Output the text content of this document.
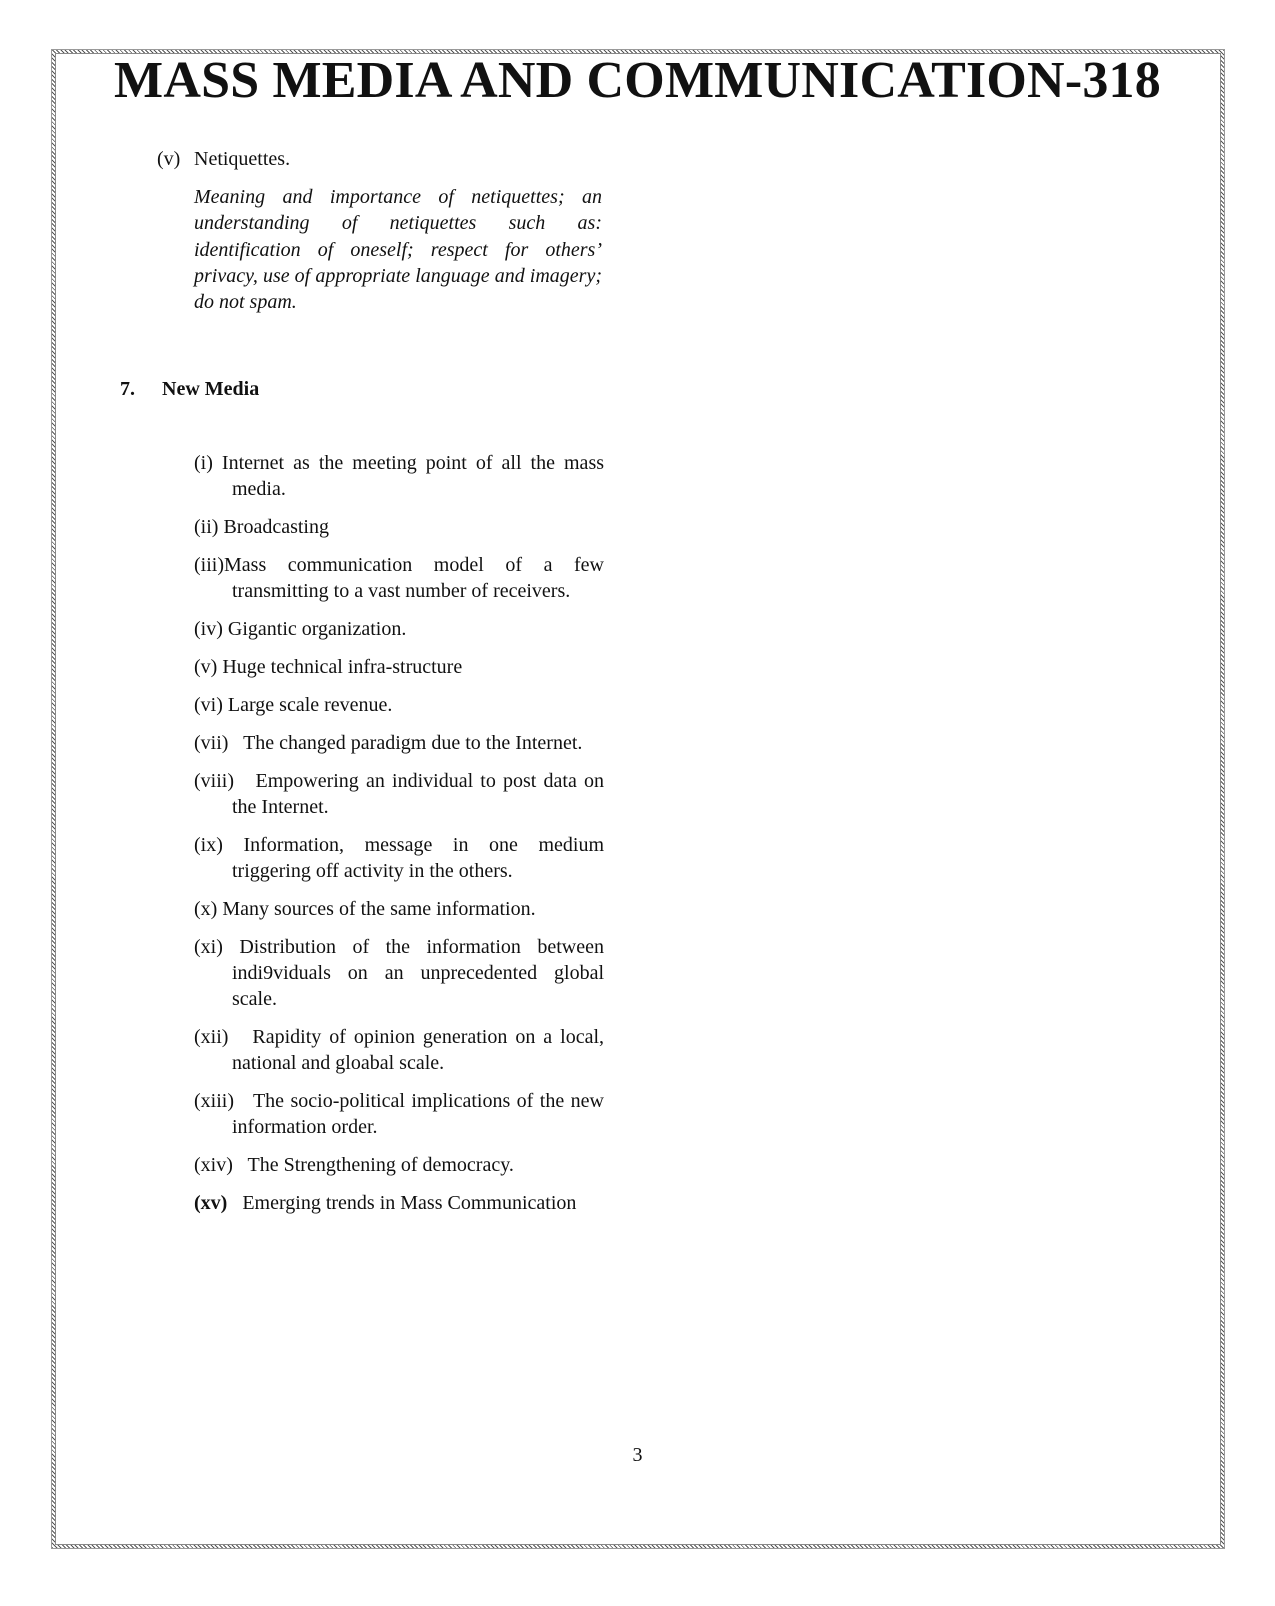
MASS MEDIA AND COMMUNICATION-318
(v) Netiquettes.
Meaning and importance of netiquettes; an understanding of netiquettes such as: identification of oneself; respect for others’ privacy, use of appropriate language and imagery; do not spam.
7. New Media
(i) Internet as the meeting point of all the mass media.
(ii) Broadcasting
(iii)Mass communication model of a few transmitting to a vast number of receivers.
(iv) Gigantic organization.
(v) Huge technical infra-structure
(vi) Large scale revenue.
(vii) The changed paradigm due to the Internet.
(viii) Empowering an individual to post data on the Internet.
(ix) Information, message in one medium triggering off activity in the others.
(x) Many sources of the same information.
(xi) Distribution of the information between indi9viduals on an unprecedented global scale.
(xii) Rapidity of opinion generation on a local, national and gloabal scale.
(xiii) The socio-political implications of the new information order.
(xiv) The Strengthening of democracy.
(xv) Emerging trends in Mass Communication
3
